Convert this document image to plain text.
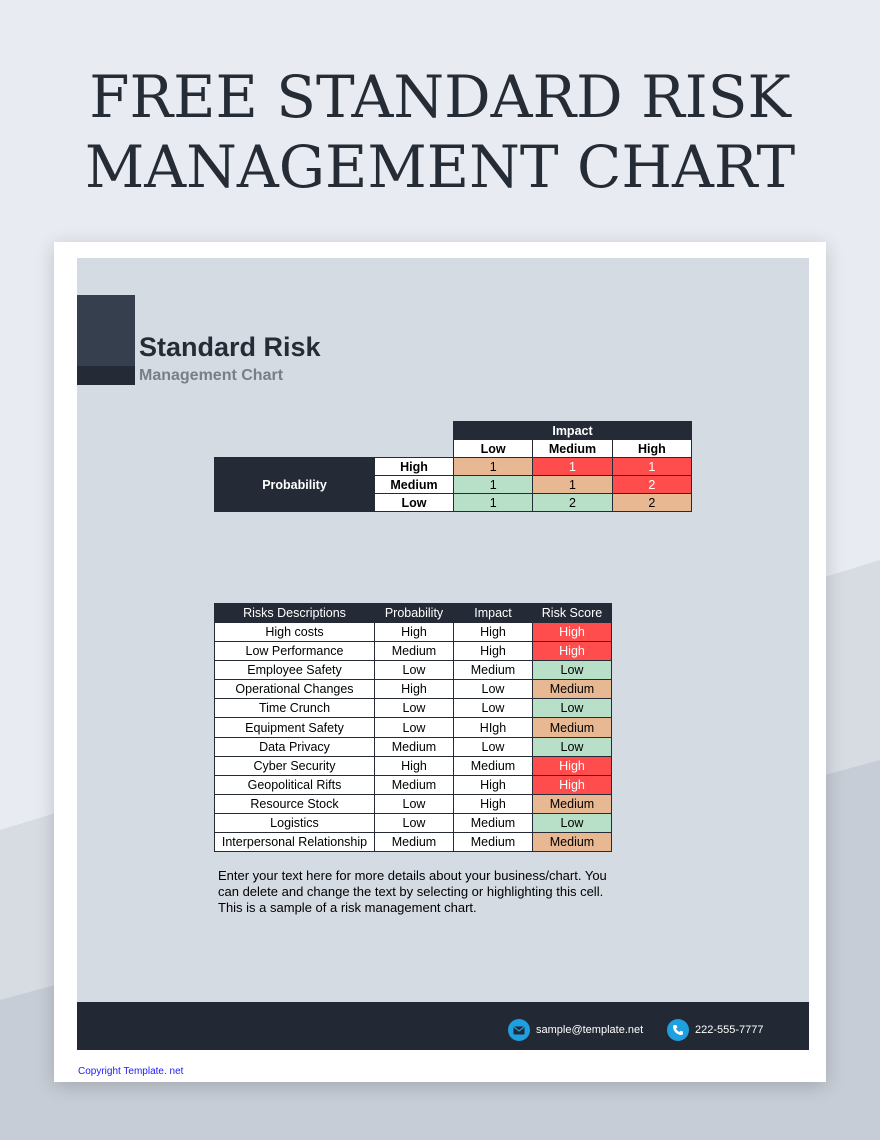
FREE STANDARD RISK
MANAGEMENT CHART
Standard Risk
Management Chart
		Impact		
		Low	Medium	High
Probability	High	1	1	1
	Medium	1	1	2
	Low	1	2	2
Risks Descriptions	Probability	Impact	Risk Score
High costs	High	High	High
Low Performance	Medium	High	High
Employee Safety	Low	Medium	Low
Operational Changes	High	Low	Medium
Time Crunch	Low	Low	Low
Equipment Safety	Low	HIgh	Medium
Data Privacy	Medium	Low	Low
Cyber Security	High	Medium	High
Geopolitical Rifts	Medium	High	High
Resource Stock	Low	High	Medium
Logistics	Low	Medium	Low
Interpersonal Relationship	Medium	Medium	Medium
Enter your text here for more details about your business/chart. You can delete and change the text by selecting or highlighting this cell. This is a sample of a risk management chart.
sample@template.net	222-555-7777
Copyright Template. net
